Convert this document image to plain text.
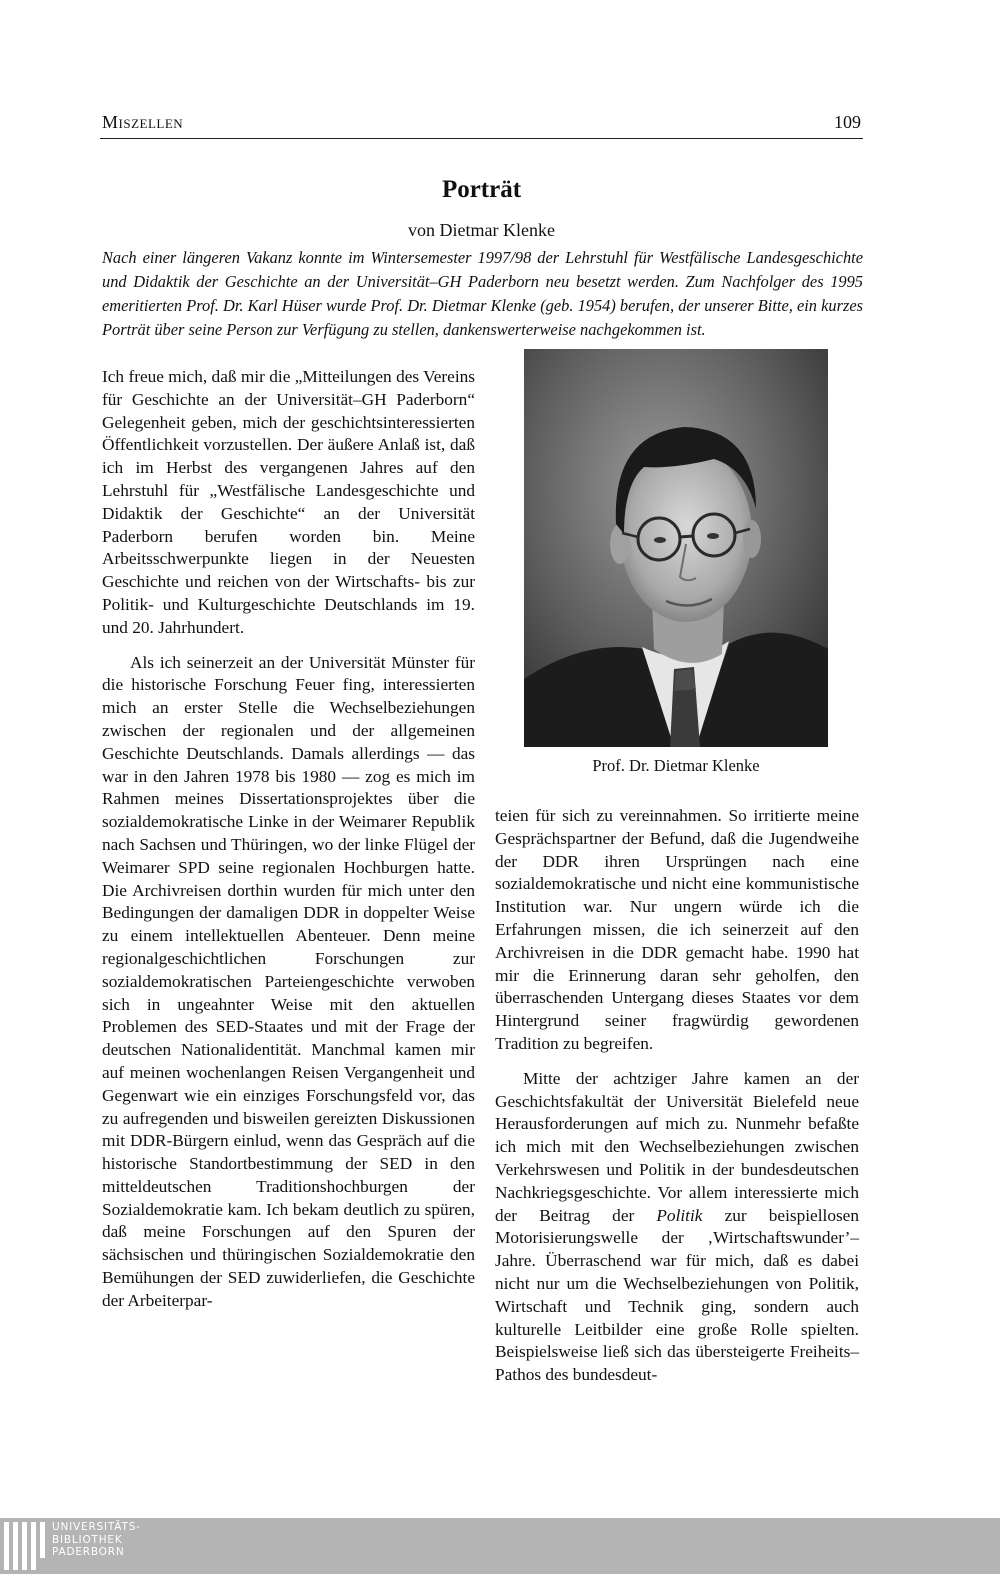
Miszellen	109
Porträt
von Dietmar Klenke
Nach einer längeren Vakanz konnte im Wintersemester 1997/98 der Lehrstuhl für Westfälische Landesgeschichte und Didaktik der Geschichte an der Universität–GH Paderborn neu besetzt werden. Zum Nachfolger des 1995 emeritierten Prof. Dr. Karl Hüser wurde Prof. Dr. Dietmar Klenke (geb. 1954) berufen, der unserer Bitte, ein kurzes Porträt über seine Person zur Verfügung zu stellen, dankenswerterweise nachgekommen ist.

Ich freue mich, daß mir die „Mitteilungen des Vereins für Geschichte an der Universität–GH Paderborn“ Gelegenheit geben, mich der geschichtsinteressierten Öffentlichkeit vorzustellen. Der äußere Anlaß ist, daß ich im Herbst des vergangenen Jahres auf den Lehrstuhl für „Westfälische Landesgeschichte und Didaktik der Geschichte“ an der Universität Paderborn berufen worden bin. Meine Arbeitsschwerpunkte liegen in der Neuesten Geschichte und reichen von der Wirtschafts- bis zur Politik- und Kulturgeschichte Deutschlands im 19. und 20. Jahrhundert.

Als ich seinerzeit an der Universität Münster für die historische Forschung Feuer fing, interessierten mich an erster Stelle die Wechselbeziehungen zwischen der regionalen und der allgemeinen Geschichte Deutschlands. Damals allerdings — das war in den Jahren 1978 bis 1980 — zog es mich im Rahmen meines Dissertationsprojektes über die sozialdemokratische Linke in der Weimarer Republik nach Sachsen und Thüringen, wo der linke Flügel der Weimarer SPD seine regionalen Hochburgen hatte. Die Archivreisen dorthin wurden für mich unter den Bedingungen der damaligen DDR in doppelter Weise zu einem intellektuellen Abenteuer. Denn meine regionalgeschichtlichen Forschungen zur sozialdemokratischen Parteiengeschichte verwoben sich in ungeahnter Weise mit den aktuellen Problemen des SED-Staates und mit der Frage der deutschen Nationalidentität. Manchmal kamen mir auf meinen wochenlangen Reisen Vergangenheit und Gegenwart wie ein einziges Forschungsfeld vor, das zu aufregenden und bisweilen gereizten Diskussionen mit DDR-Bürgern einlud, wenn das Gespräch auf die historische Standortbestimmung der SED in den mitteldeutschen Traditionshochburgen der Sozialdemokratie kam. Ich bekam deutlich zu spüren, daß meine Forschungen auf den Spuren der sächsischen und thüringischen Sozialdemokratie den Bemühungen der SED zuwiderliefen, die Geschichte der Arbeiterpar-

Prof. Dr. Dietmar Klenke

teien für sich zu vereinnahmen. So irritierte meine Gesprächspartner der Befund, daß die Jugendweihe der DDR ihren Ursprüngen nach eine sozialdemokratische und nicht eine kommunistische Institution war. Nur ungern würde ich die Erfahrungen missen, die ich seinerzeit auf den Archivreisen in die DDR gemacht habe. 1990 hat mir die Erinnerung daran sehr geholfen, den überraschenden Untergang dieses Staates vor dem Hintergrund seiner fragwürdig gewordenen Tradition zu begreifen.

Mitte der achtziger Jahre kamen an der Geschichtsfakultät der Universität Bielefeld neue Herausforderungen auf mich zu. Nunmehr befaßte ich mich mit den Wechselbeziehungen zwischen Verkehrswesen und Politik in der bundesdeutschen Nachkriegsgeschichte. Vor allem interessierte mich der Beitrag der Politik zur beispiellosen Motorisierungswelle der ‚Wirtschaftswunder’–Jahre. Überraschend war für mich, daß es dabei nicht nur um die Wechselbeziehungen von Politik, Wirtschaft und Technik ging, sondern auch kulturelle Leitbilder eine große Rolle spielten. Beispielsweise ließ sich das übersteigerte Freiheits–Pathos des bundesdeut-

UNIVERSITÄTS-
BIBLIOTHEK
PADERBORN
